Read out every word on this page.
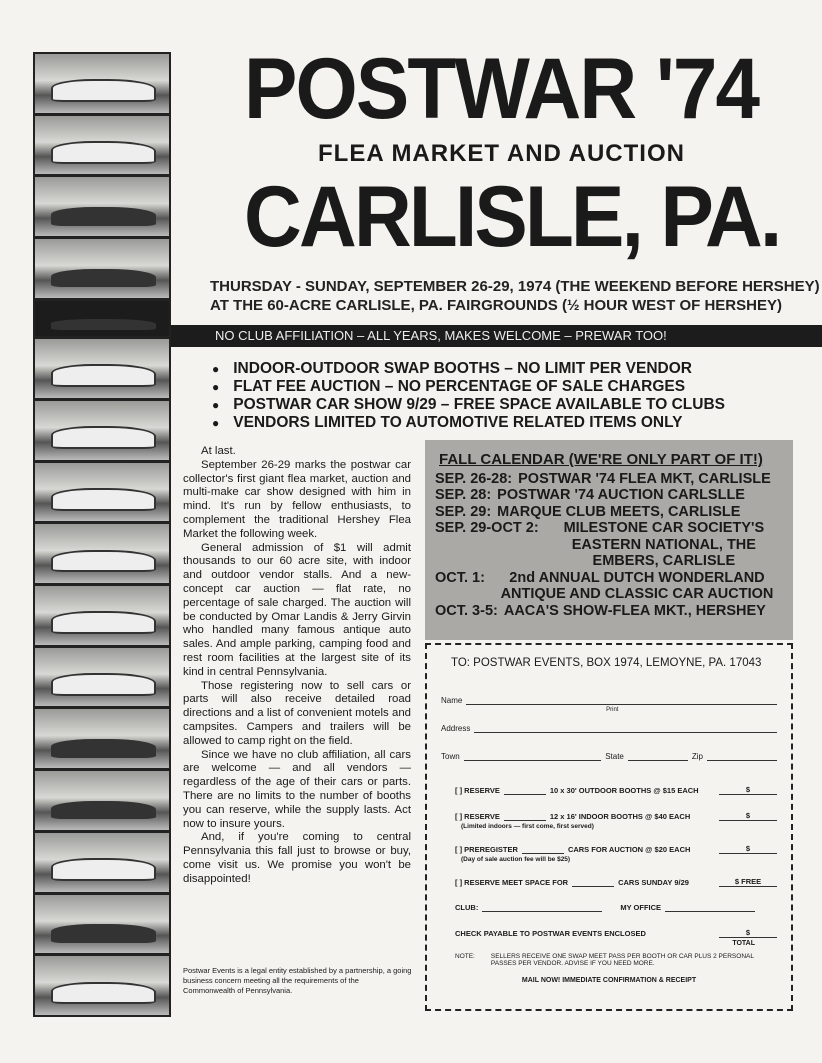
POSTWAR '74
FLEA MARKET AND AUCTION
CARLISLE, PA.
THURSDAY - SUNDAY, SEPTEMBER 26-29, 1974 (THE WEEKEND BEFORE HERSHEY)
AT THE 60-ACRE CARLISLE, PA. FAIRGROUNDS (½ HOUR WEST OF HERSHEY)
NO CLUB AFFILIATION – ALL YEARS, MAKES WELCOME – PREWAR TOO!
● INDOOR-OUTDOOR SWAP BOOTHS – NO LIMIT PER VENDOR
● FLAT FEE AUCTION – NO PERCENTAGE OF SALE CHARGES
● POSTWAR CAR SHOW 9/29 – FREE SPACE AVAILABLE TO CLUBS
● VENDORS LIMITED TO AUTOMOTIVE RELATED ITEMS ONLY

At last.

September 26-29 marks the postwar car collector's first giant flea market, auction and multi-make car show designed with him in mind. It's run by fellow enthusiasts, to complement the traditional Hershey Flea Market the following week.

General admission of $1 will admit thousands to our 60 acre site, with indoor and outdoor vendor stalls. And a new-concept car auction — flat rate, no percentage of sale charged. The auction will be conducted by Omar Landis & Jerry Girvin who handled many famous antique auto sales. And ample parking, camping food and rest room facilities at the largest site of its kind in central Pennsylvania.

Those registering now to sell cars or parts will also receive detailed road directions and a list of convenient motels and campsites. Campers and trailers will be allowed to camp right on the field.

Since we have no club affiliation, all cars are welcome — and all vendors — regardless of the age of their cars or parts. There are no limits to the number of booths you can reserve, while the supply lasts. Act now to insure yours.

And, if you're coming to central Pennsylvania this fall just to browse or buy, come visit us. We promise you won't be disappointed!

Postwar Events is a legal entity established by a partnership, a going business concern meeting all the requirements of the Commonwealth of Pennsylvania.
FALL CALENDAR (WE'RE ONLY PART OF IT!)
SEP. 26-28: POSTWAR '74 FLEA MKT, CARLISLE
SEP. 28: POSTWAR '74 AUCTION CARLSLLE
SEP. 29: MARQUE CLUB MEETS, CARLISLE
SEP. 29-OCT 2:	MILESTONE CAR SOCIETY'S EASTERN NATIONAL, THE EMBERS, CARLISLE
OCT. 1:	2nd ANNUAL DUTCH WONDERLAND ANTIQUE AND CLASSIC CAR AUCTION
OCT. 3-5: AACA'S SHOW-FLEA MKT., HERSHEY
TO: POSTWAR EVENTS, BOX 1974, LEMOYNE, PA. 17043
Name
Print
Address
Town	State	Zip
[ ] RESERVE	10 x 30' OUTDOOR BOOTHS @ $15 EACH	$
[ ] RESERVE	12 x 16' INDOOR BOOTHS @ $40 EACH	$
(Limited indoors — first come, first served)
[ ] PREREGISTER	CARS FOR AUCTION @ $20 EACH	$
(Day of sale auction fee will be $25)
[ ] RESERVE MEET SPACE FOR	CARS SUNDAY 9/29	$ FREE
CLUB:	MY OFFICE
CHECK PAYABLE TO POSTWAR EVENTS ENCLOSED	$
TOTAL
NOTE: SELLERS RECEIVE ONE SWAP MEET PASS PER BOOTH OR CAR PLUS 2 PERSONAL PASSES PER VENDOR. ADVISE IF YOU NEED MORE.
MAIL NOW! IMMEDIATE CONFIRMATION & RECEIPT
